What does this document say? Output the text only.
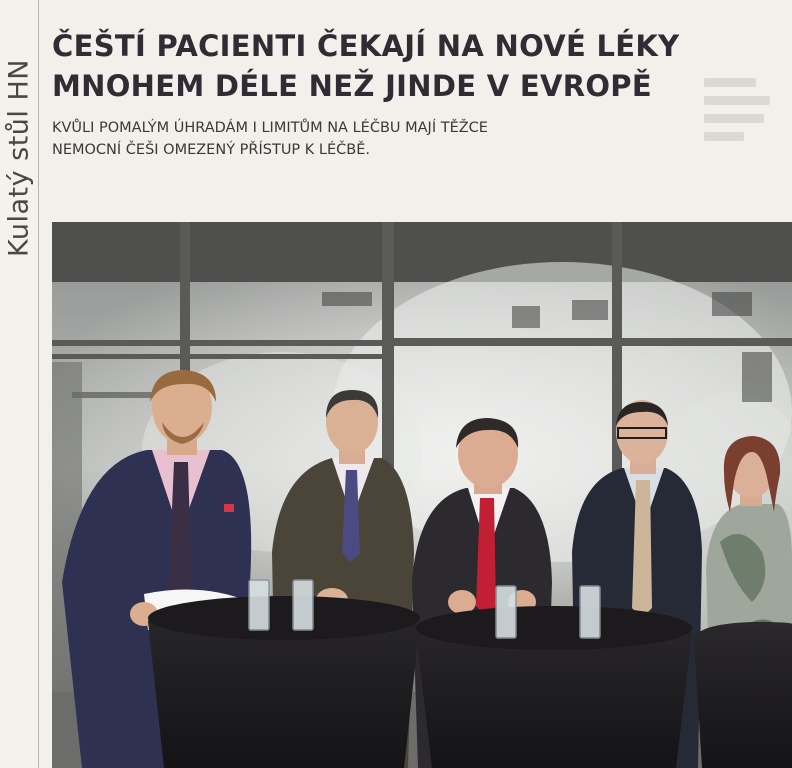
Kulatý stůl HN
ČEŠTÍ PACIENTI ČEKAJÍ NA NOVÉ LÉKY
MNOHEM DÉLE NEŽ JINDE V EVROPĚ

KVŮLI POMALÝM ÚHRADÁM I LIMITŮM NA LÉČBU MAJÍ TĚŽCE
NEMOCNÍ ČEŠI OMEZENÝ PŘÍSTUP K LÉČBĚ.
